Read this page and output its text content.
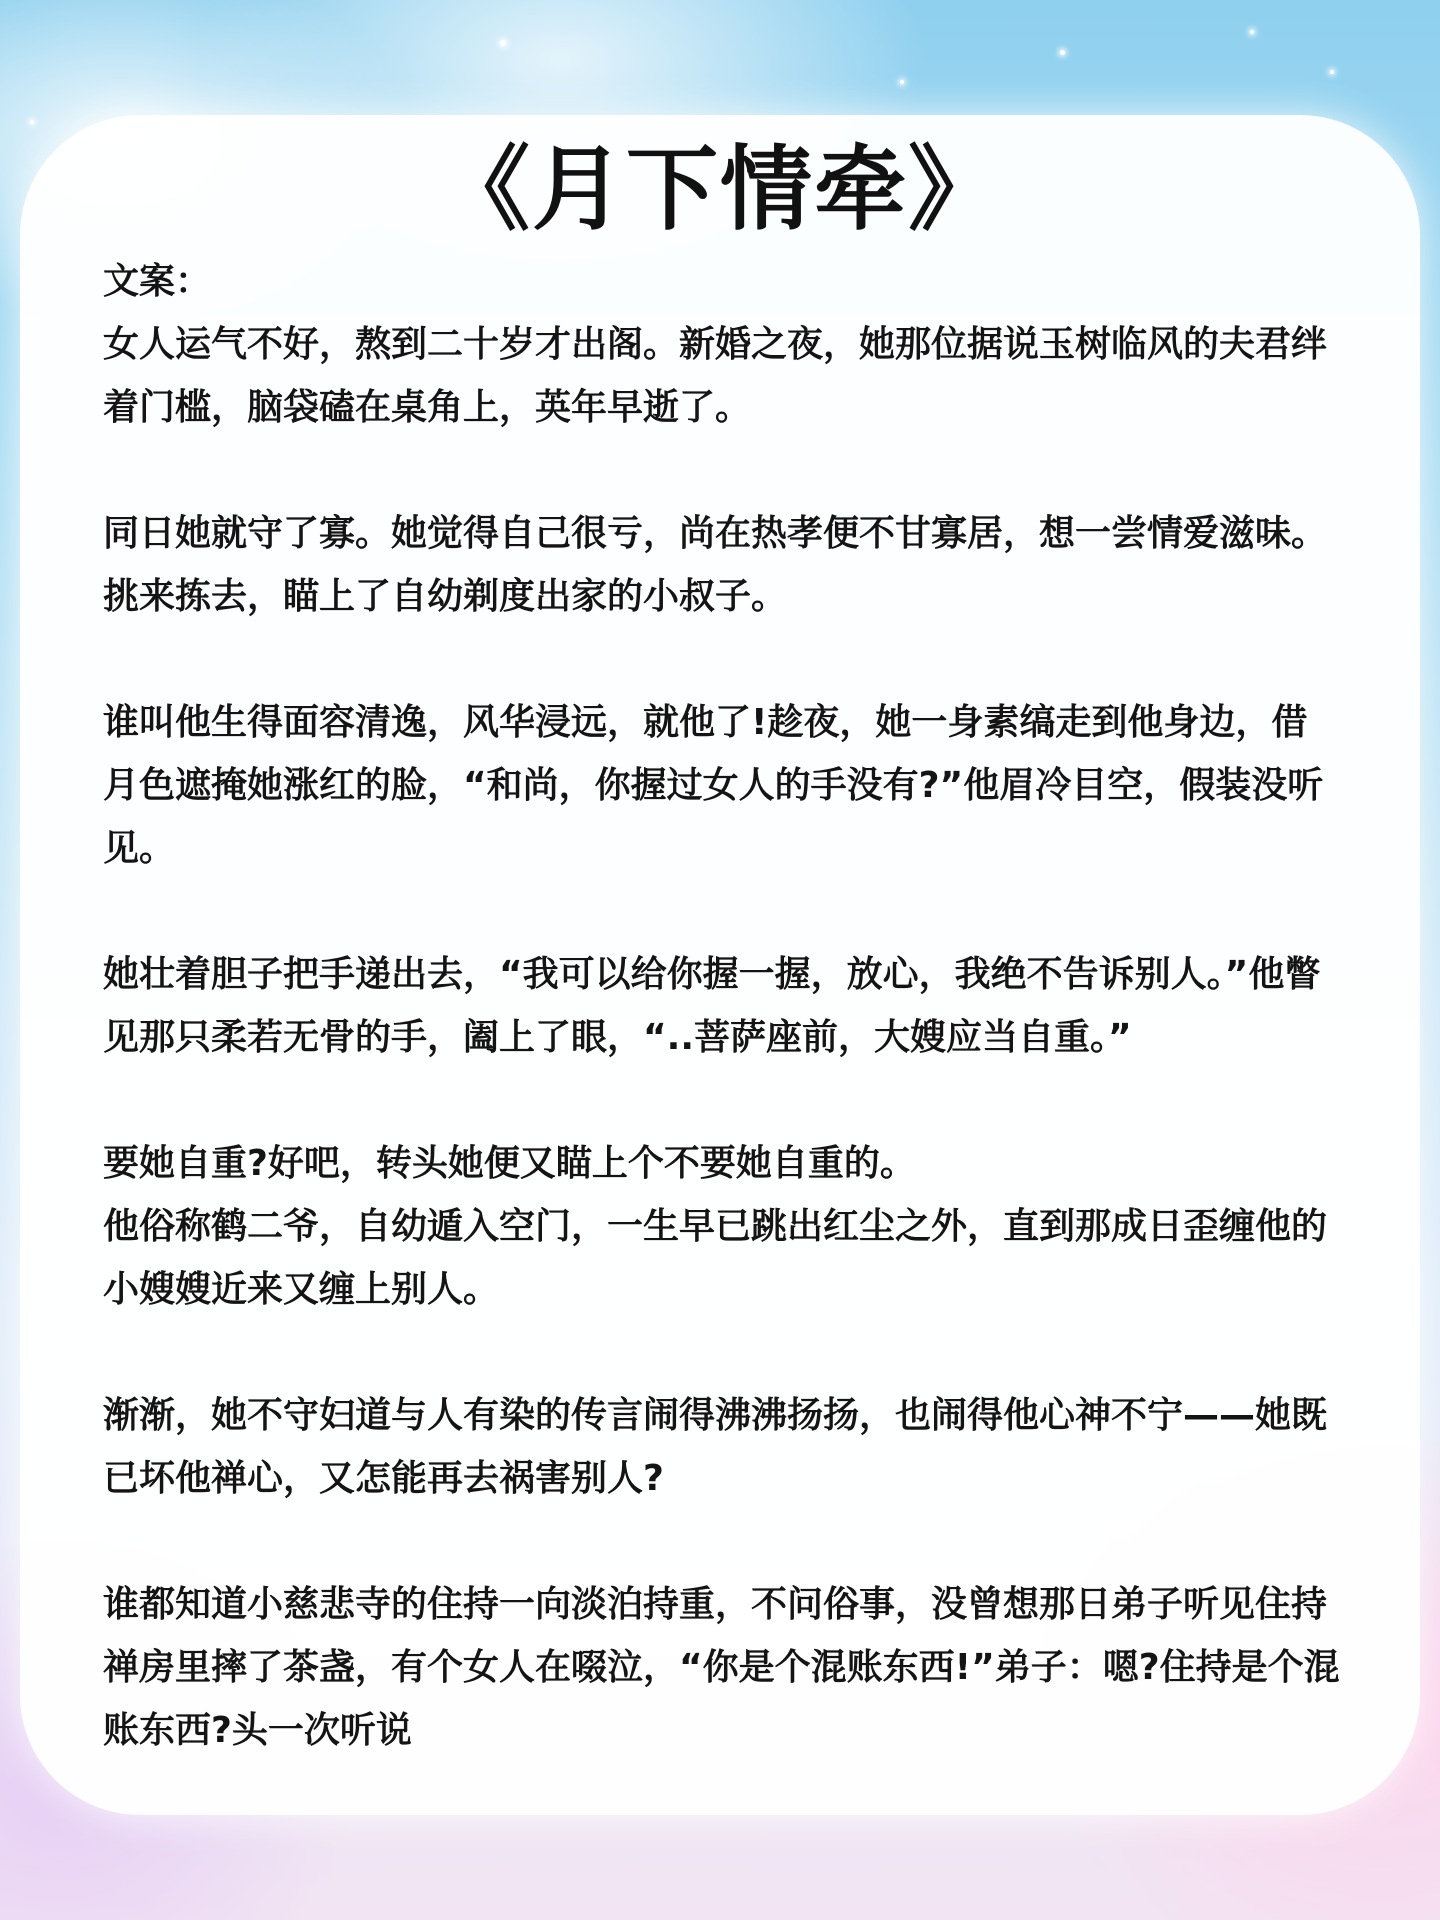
《月下情牵》

文案：

女人运气不好，熬到二十岁才出阁。新婚之夜，她那位据说玉树临风的夫君绊着门槛，脑袋磕在桌角上，英年早逝了。

同日她就守了寡。她觉得自己很亏，尚在热孝便不甘寡居，想一尝情爱滋味。挑来拣去，瞄上了自幼剃度出家的小叔子。

谁叫他生得面容清逸，风华浸远，就他了!趁夜，她一身素缟走到他身边，借月色遮掩她涨红的脸，“和尚，你握过女人的手没有?”他眉冷目空，假装没听见。

她壮着胆子把手递出去，“我可以给你握一握，放心，我绝不告诉别人。”他瞥见那只柔若无骨的手，阖上了眼，“..菩萨座前，大嫂应当自重。”

要她自重?好吧，转头她便又瞄上个不要她自重的。

他俗称鹤二爷，自幼遁入空门，一生早已跳出红尘之外，直到那成日歪缠他的小嫂嫂近来又缠上别人。

渐渐，她不守妇道与人有染的传言闹得沸沸扬扬，也闹得他心神不宁——她既已坏他禅心，又怎能再去祸害别人?

谁都知道小慈悲寺的住持一向淡泊持重，不问俗事，没曾想那日弟子听见住持禅房里摔了茶盏，有个女人在啜泣，“你是个混账东西!”弟子：嗯?住持是个混账东西?头一次听说
